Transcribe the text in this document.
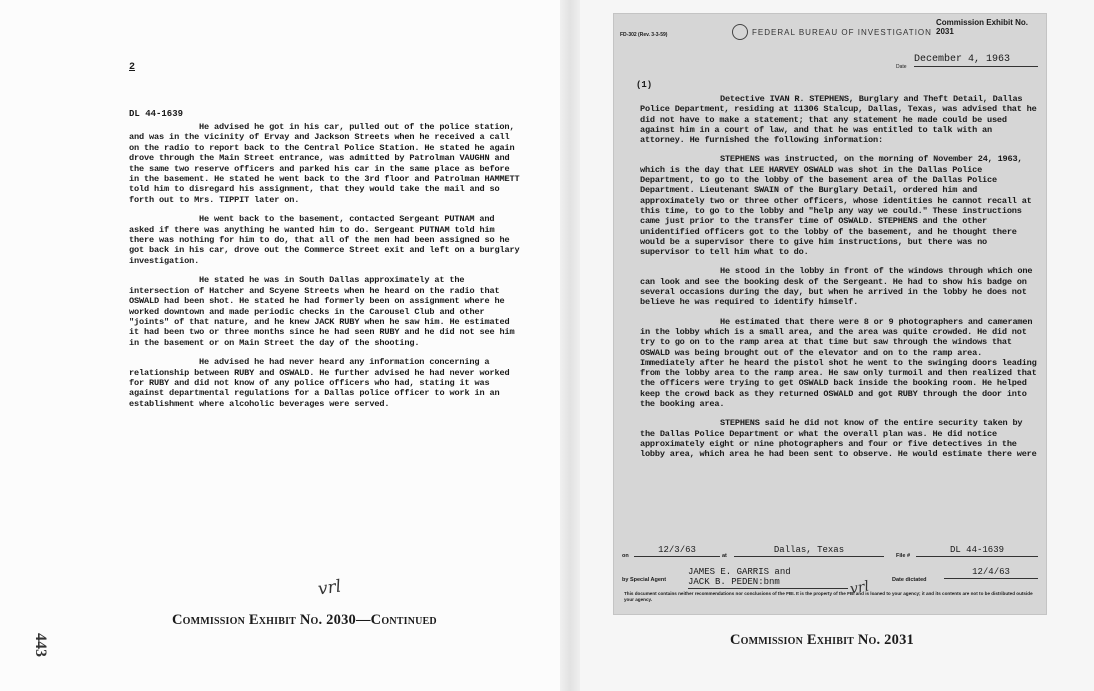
443
2
DL 44-1639

He advised he got in his car, pulled out of the police station, and was in the vicinity of Ervay and Jackson Streets when he received a call on the radio to report back to the Central Police Station. He stated he again drove through the Main Street entrance, was admitted by Patrolman VAUGHN and the same two reserve officers and parked his car in the same place as before in the basement. He stated he went back to the 3rd floor and Patrolman HAMMETT told him to disregard his assignment, that they would take the mail and so forth out to Mrs. TIPPIT later on.

He went back to the basement, contacted Sergeant PUTNAM and asked if there was anything he wanted him to do. Sergeant PUTNAM told him there was nothing for him to do, that all of the men had been assigned so he got back in his car, drove out the Commerce Street exit and left on a burglary investigation.

He stated he was in South Dallas approximately at the intersection of Hatcher and Scyene Streets when he heard on the radio that OSWALD had been shot. He stated he had formerly been on assignment where he worked downtown and made periodic checks in the Carousel Club and other "joints" of that nature, and he knew JACK RUBY when he saw him. He estimated it had been two or three months since he had seen RUBY and he did not see him in the basement or on Main Street the day of the shooting.

He advised he had never heard any information concerning a relationship between RUBY and OSWALD. He further advised he had never worked for RUBY and did not know of any police officers who had, stating it was against departmental regulations for a Dallas police officer to work in an establishment where alcoholic beverages were served.

vrl
Commission Exhibit No. 2030—Continued
FD-302 (Rev. 3-3-59)	FEDERAL BUREAU OF INVESTIGATION
Commission Exhibit No. 2031
Date
December 4, 1963
(1)

Detective IVAN R. STEPHENS, Burglary and Theft Detail, Dallas Police Department, residing at 11306 Stalcup, Dallas, Texas, was advised that he did not have to make a statement; that any statement he made could be used against him in a court of law, and that he was entitled to talk with an attorney. He furnished the following information:

STEPHENS was instructed, on the morning of November 24, 1963, which is the day that LEE HARVEY OSWALD was shot in the Dallas Police Department, to go to the lobby of the basement area of the Dallas Police Department. Lieutenant SWAIN of the Burglary Detail, ordered him and approximately two or three other officers, whose identities he cannot recall at this time, to go to the lobby and "help any way we could." These instructions came just prior to the transfer time of OSWALD. STEPHENS and the other unidentified officers got to the lobby of the basement, and he thought there would be a supervisor there to give him instructions, but there was no supervisor to tell him what to do.

He stood in the lobby in front of the windows through which one can look and see the booking desk of the Sergeant. He had to show his badge on several occasions during the day, but when he arrived in the lobby he does not believe he was required to identify himself.

He estimated that there were 8 or 9 photographers and cameramen in the lobby which is a small area, and the area was quite crowded. He did not try to go on to the ramp area at that time but saw through the windows that OSWALD was being brought out of the elevator and on to the ramp area. Immediately after he heard the pistol shot he went to the swinging doors leading from the lobby area to the ramp area. He saw only turmoil and then realized that the officers were trying to get OSWALD back inside the booking room. He helped keep the crowd back as they returned OSWALD and got RUBY through the door into the booking area.

STEPHENS said he did not know of the entire security taken by the Dallas Police Department or what the overall plan was. He did notice approximately eight or nine photographers and four or five detectives in the lobby area, which area he had been sent to observe. He would estimate there were

on
12/3/63
at
Dallas, Texas
File #
DL 44-1639
by Special Agent
JAMES E. GARRIS and
JACK B. PEDEN:bnm	Date dictated
12/4/63
vrl
This document contains neither recommendations nor conclusions of the FBI. It is the property of the FBI and is loaned to your agency; it and its contents are not to be distributed outside your agency.
Commission Exhibit No. 2031
